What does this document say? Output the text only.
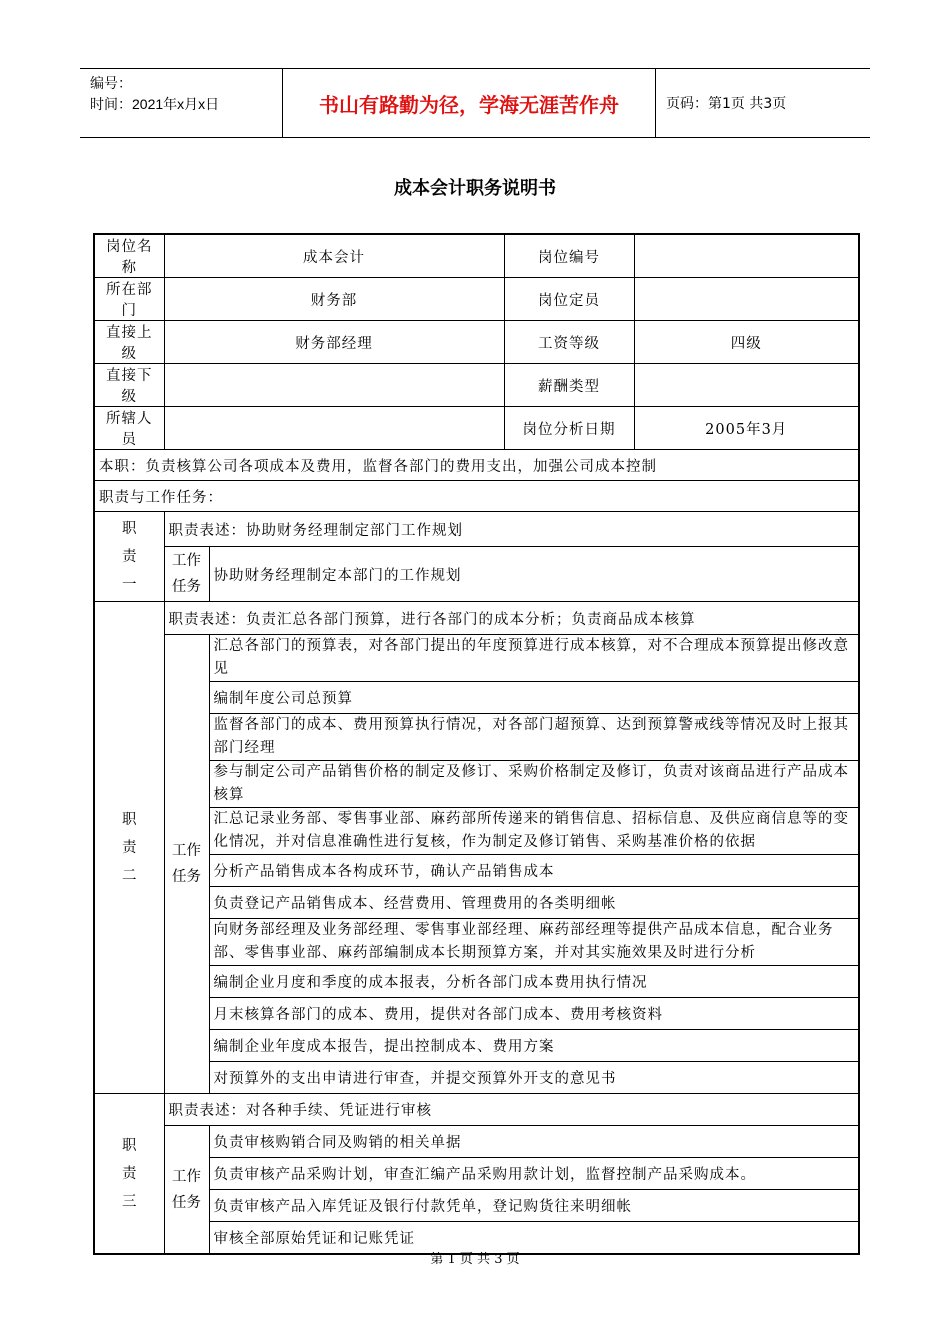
编号：
时间：2021年x月x日	书山有路勤为径，学海无涯苦作舟	页码：第1页 共3页
成本会计职务说明书
岗位名称	成本会计		岗位编号	
所在部门	财务部		岗位定员	
直接上级	财务部经理		工资等级	四级
直接下级			薪酬类型	
所辖人员			岗位分析日期	2005年3月
本职：负责核算公司各项成本及费用，监督各部门的费用支出，加强公司成本控制				
职责与工作任务：				

职
责
一	职责表述：协助财务经理制定部门工作规划			

	工作
任务	协助财务经理制定本部门的工作规划		

职
责
二	职责表述：负责汇总各部门预算，进行各部门的成本分析；负责商品成本核算			

	工作
任务	汇总各部门的预算表，对各部门提出的年度预算进行成本核算，对不合理成本预算提出修改意见		
		编制年度公司总预算		
		监督各部门的成本、费用预算执行情况，对各部门超预算、达到预算警戒线等情况及时上报其部门经理		
		参与制定公司产品销售价格的制定及修订、采购价格制定及修订，负责对该商品进行产品成本核算		
		汇总记录业务部、零售事业部、麻药部所传递来的销售信息、招标信息、及供应商信息等的变化情况，并对信息准确性进行复核，作为制定及修订销售、采购基准价格的依据		
		分析产品销售成本各构成环节，确认产品销售成本		
		负责登记产品销售成本、经营费用、管理费用的各类明细帐		
		向财务部经理及业务部经理、零售事业部经理、麻药部经理等提供产品成本信息，配合业务部、零售事业部、麻药部编制成本长期预算方案，并对其实施效果及时进行分析		
		编制企业月度和季度的成本报表，分析各部门成本费用执行情况		
		月末核算各部门的成本、费用，提供对各部门成本、费用考核资料		
		编制企业年度成本报告，提出控制成本、费用方案		
		对预算外的支出申请进行审查，并提交预算外开支的意见书		

职
责
三	职责表述：对各种手续、凭证进行审核			

	工作
任务	负责审核购销合同及购销的相关单据		
		负责审核产品采购计划，审查汇编产品采购用款计划，监督控制产品采购成本。		
		负责审核产品入库凭证及银行付款凭单，登记购货往来明细帐		
		审核全部原始凭证和记账凭证		
第 1 页 共 3 页
